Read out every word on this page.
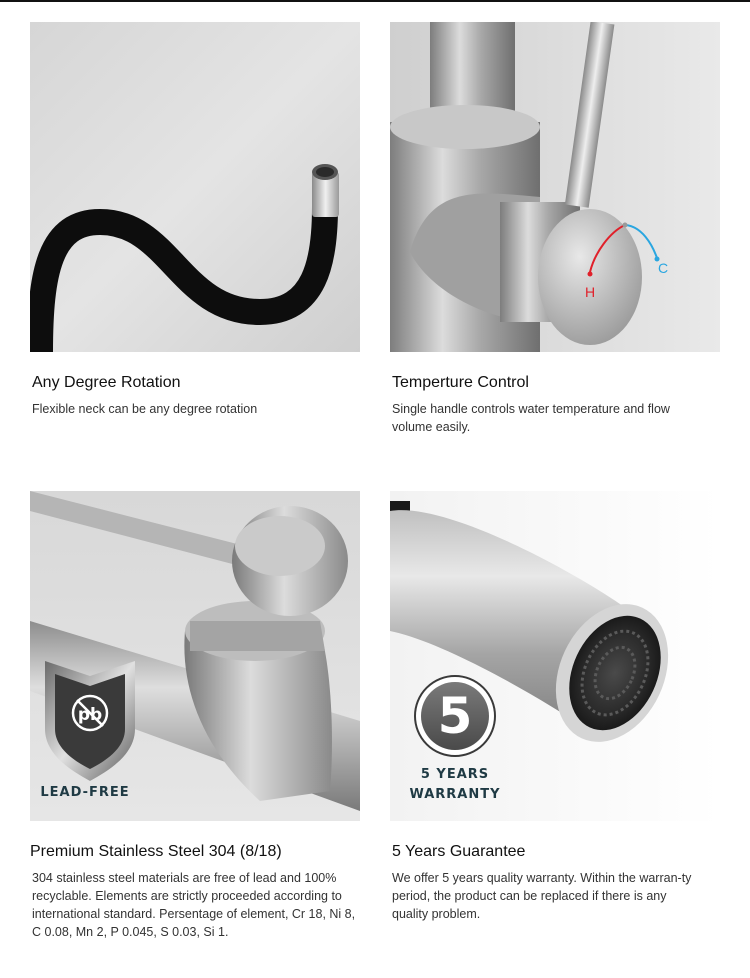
Any Degree Rotation
Flexible neck can be any degree rotation
H
C
Temperture Control
Single handle controls water temperature and flow volume easily.
pb
LEAD-FREE
Premium Stainless Steel 304 (8/18)
304 stainless steel materials are free of lead and 100% recyclable. Elements are strictly proceeded according to international standard. Persentage of element, Cr 18, Ni 8, C 0.08, Mn 2, P 0.045, S 0.03, Si 1.
5
5 YEARS
WARRANTY
5 Years Guarantee
We offer 5 years quality warranty. Within the warran-ty period, the product can be replaced if there is any quality problem.
